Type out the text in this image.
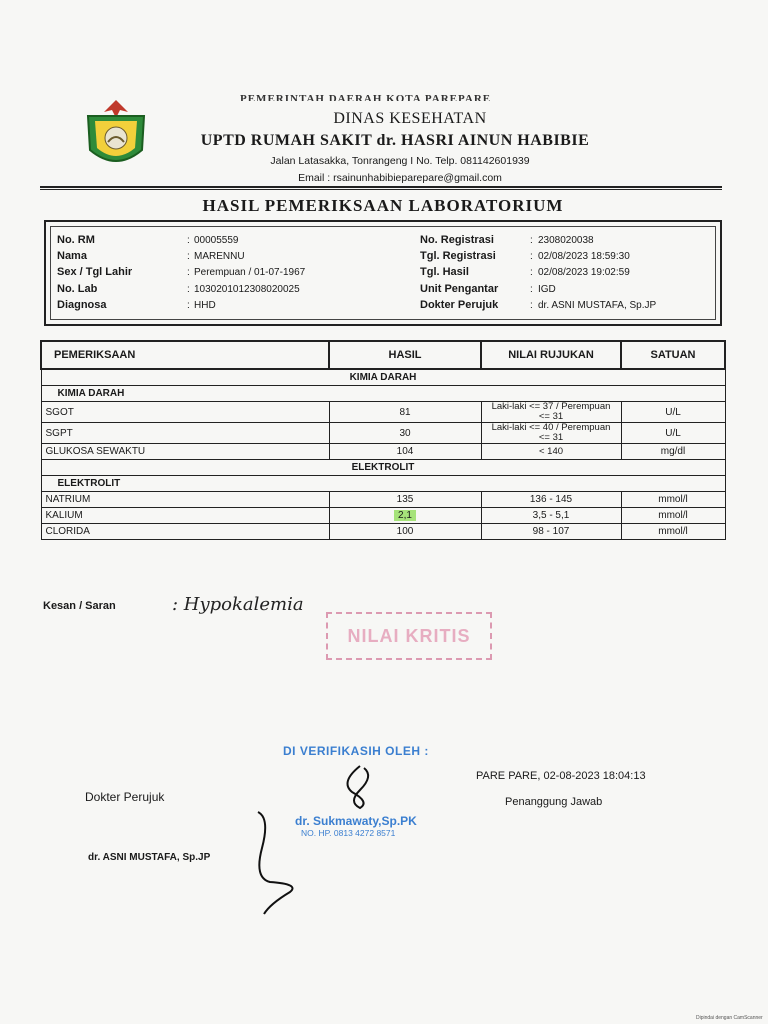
PEMERINTAH DAERAH KOTA PAREPARE
DINAS KESEHATAN
UPTD RUMAH SAKIT dr. HASRI AINUN HABIBIE
Jalan Latasakka, Tonrangeng I No. Telp. 081142601939
Email : rsainunhabibieparepare@gmail.com
HASIL PEMERIKSAAN LABORATORIUM
No. RM	: 00005559
Nama	: MARENNU
Sex / Tgl Lahir	: Perempuan / 01-07-1967
No. Lab	: 1030201012308020025
Diagnosa	: HHD
No. Registrasi	: 2308020038
Tgl. Registrasi	: 02/08/2023 18:59:30
Tgl. Hasil	: 02/08/2023 19:02:59
Unit Pengantar	: IGD
Dokter Perujuk	: dr. ASNI MUSTAFA, Sp.JP
PEMERIKSAAN	HASIL	NILAI RUJUKAN	SATUAN
KIMIA DARAH			
KIMIA DARAH			
SGOT	81	Laki-laki <= 37 / Perempuan <= 31	U/L
SGPT	30	Laki-laki <= 40 / Perempuan <= 31	U/L
GLUKOSA SEWAKTU	104	< 140	mg/dl
ELEKTROLIT			
ELEKTROLIT			
NATRIUM	135	136 - 145	mmol/l
KALIUM	2,1	3,5 - 5,1	mmol/l
CLORIDA	100	98 - 107	mmol/l
Kesan / Saran	: Hypokalemia
NILAI KRITIS
DI VERIFIKASIH OLEH :
dr. Sukmawaty,Sp.PK
NO. HP. 0813 4272 8571
PARE PARE, 02-08-2023 18:04:13
Penanggung Jawab
Dokter Perujuk
dr. ASNI MUSTAFA, Sp.JP
Dipindai dengan CamScanner
